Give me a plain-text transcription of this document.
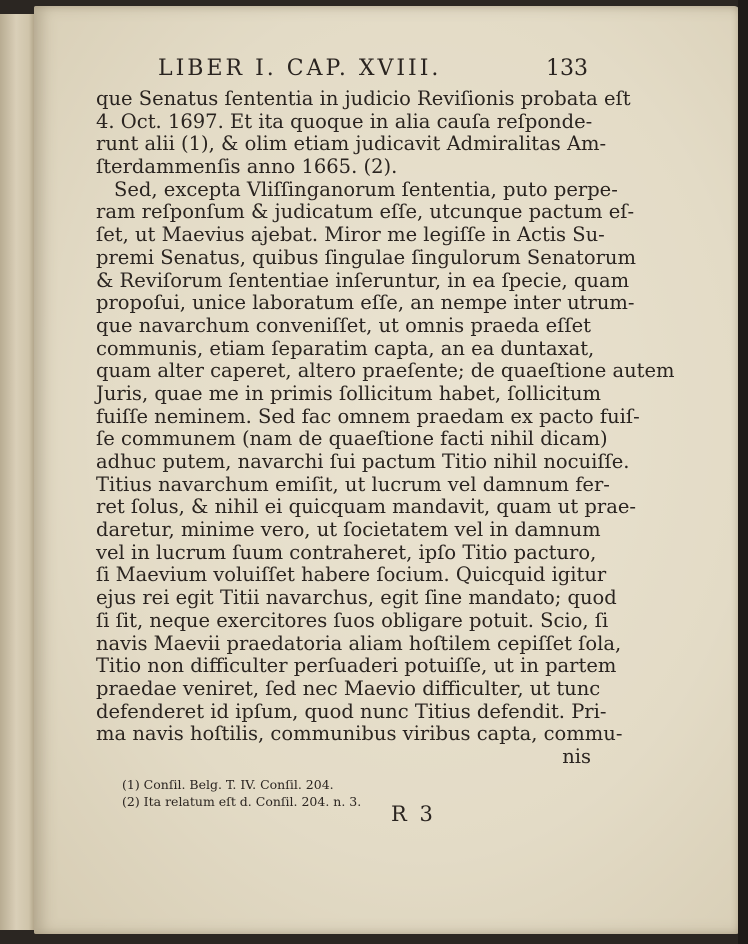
LIBER I. CAP. XVIII.	133
que Senatus ſententia in judicio Reviſionis probata eſt
4. Oct. 1697. Et ita quoque in alia cauſa reſponde-
runt alii (1), & olim etiam judicavit Admiralitas Am-
ſterdammenſis anno 1665. (2).
Sed, excepta Vliſſinganorum ſententia, puto perpe-
ram reſponſum & judicatum eſſe, utcunque pactum eſ-
ſet, ut Maevius ajebat. Miror me legiſſe in Actis Su-
premi Senatus, quibus ſingulae ſingulorum Senatorum
& Reviſorum ſententiae inſeruntur, in ea ſpecie, quam
propoſui, unice laboratum eſſe, an nempe inter utrum-
que navarchum conveniſſet, ut omnis praeda eſſet
communis, etiam ſeparatim capta, an ea duntaxat,
quam alter caperet, altero praeſente; de quaeſtione autem
Juris, quae me in primis ſollicitum habet, ſollicitum
fuiſſe neminem. Sed fac omnem praedam ex pacto fuiſ-
ſe communem (nam de quaeſtione facti nihil dicam)
adhuc putem, navarchi ſui pactum Titio nihil nocuiſſe.
Titius navarchum emiſit, ut lucrum vel damnum fer-
ret ſolus, & nihil ei quicquam mandavit, quam ut prae-
daretur, minime vero, ut ſocietatem vel in damnum
vel in lucrum ſuum contraheret, ipſo Titio pacturo,
ſi Maevium voluiſſet habere ſocium. Quicquid igitur
ejus rei egit Titii navarchus, egit ſine mandato; quod
ſi ſit, neque exercitores ſuos obligare potuit. Scio, ſi
navis Maevii praedatoria aliam hoſtilem cepiſſet ſola,
Titio non difficulter perſuaderi potuiſſe, ut in partem
praedae veniret, ſed nec Maevio difficulter, ut tunc
defenderet id ipſum, quod nunc Titius defendit. Pri-
ma navis hoſtilis, communibus viribus capta, commu-
nis
(1) Conſil. Belg. T. IV. Conſil. 204.
(2) Ita relatum eſt d. Conſil. 204. n. 3.
R 3
